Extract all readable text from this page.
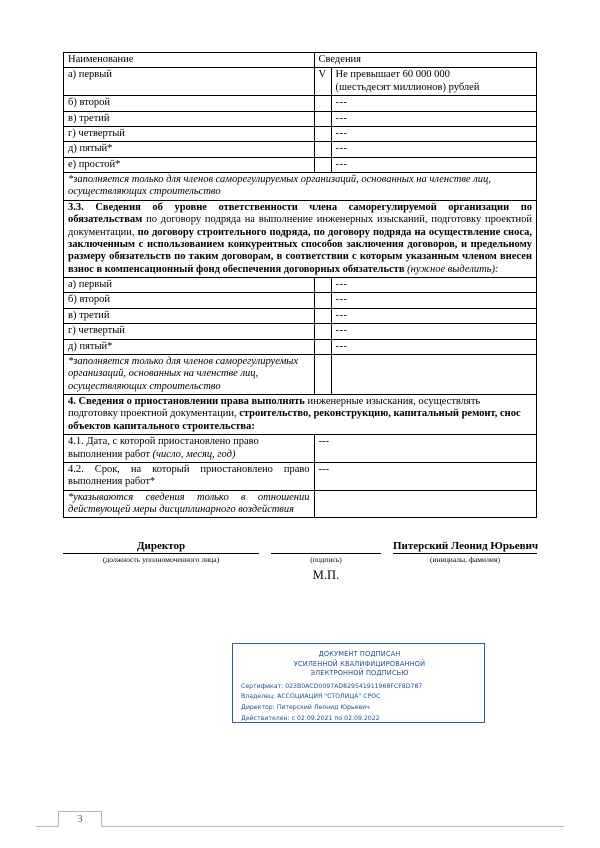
Наименование	Сведения	
а) первый	V	Не превышает 60 000 000
(шестьдесят миллионов) рублей

б) второй		---
в) третий		---
г) четвертый		---
д) пятый*		---
е) простой*		---
*заполняется только для членов саморегулируемых организаций, основанных на членстве лиц, осуществляющих строительство		
3.3. Сведения об уровне ответственности члена саморегулируемой организации по обязательствам по договору подряда на выполнение инженерных изысканий, подготовку проектной документации, по договору строительного подряда, по договору подряда на осуществление сноса, заключенным с использованием конкурентных способов заключения договоров, и предельному размеру обязательств по таким договорам, в соответствии с которым указанным членом внесен взнос в компенсационный фонд обеспечения договорных обязательств (нужное выделить):		
а) первый		---
б) второй		---
в) третий		---
г) четвертый		---
д) пятый*		---
*заполняется только для членов саморегулируемых организаций, основанных на членстве лиц, осуществляющих строительство		
4. Сведения о приостановлении права выполнять инженерные изыскания, осуществлять подготовку проектной документации, строительство, реконструкцию, капитальный ремонт, снос объектов капитального строительства:		
4.1. Дата, с которой приостановлено право выполнения работ (число, месяц, год)	---	
4.2. Срок, на который приостановлено право выполнения работ*	---	
*указываются сведения только в отношении действующей меры дисциплинарного воздействия		
Директор
(должность уполномоченного лица)
	(подпись)
Питерский Леонид Юрьевич
(инициалы, фамилия)
М.П.
ДОКУМЕНТ ПОДПИСАН
УСИЛЕННОЙ КВАЛИФИЦИРОВАННОЙ
ЭЛЕКТРОННОЙ ПОДПИСЬЮ
Сертификат: 023B0ACD0097AD829541911968FCF8D787
Владелец: АССОЦИАЦИЯ "СТОЛИЦА" СРОС
Директор: Питерский Леонид Юрьевич
Действителен: с 02.09.2021 по 02.09.2022
3
